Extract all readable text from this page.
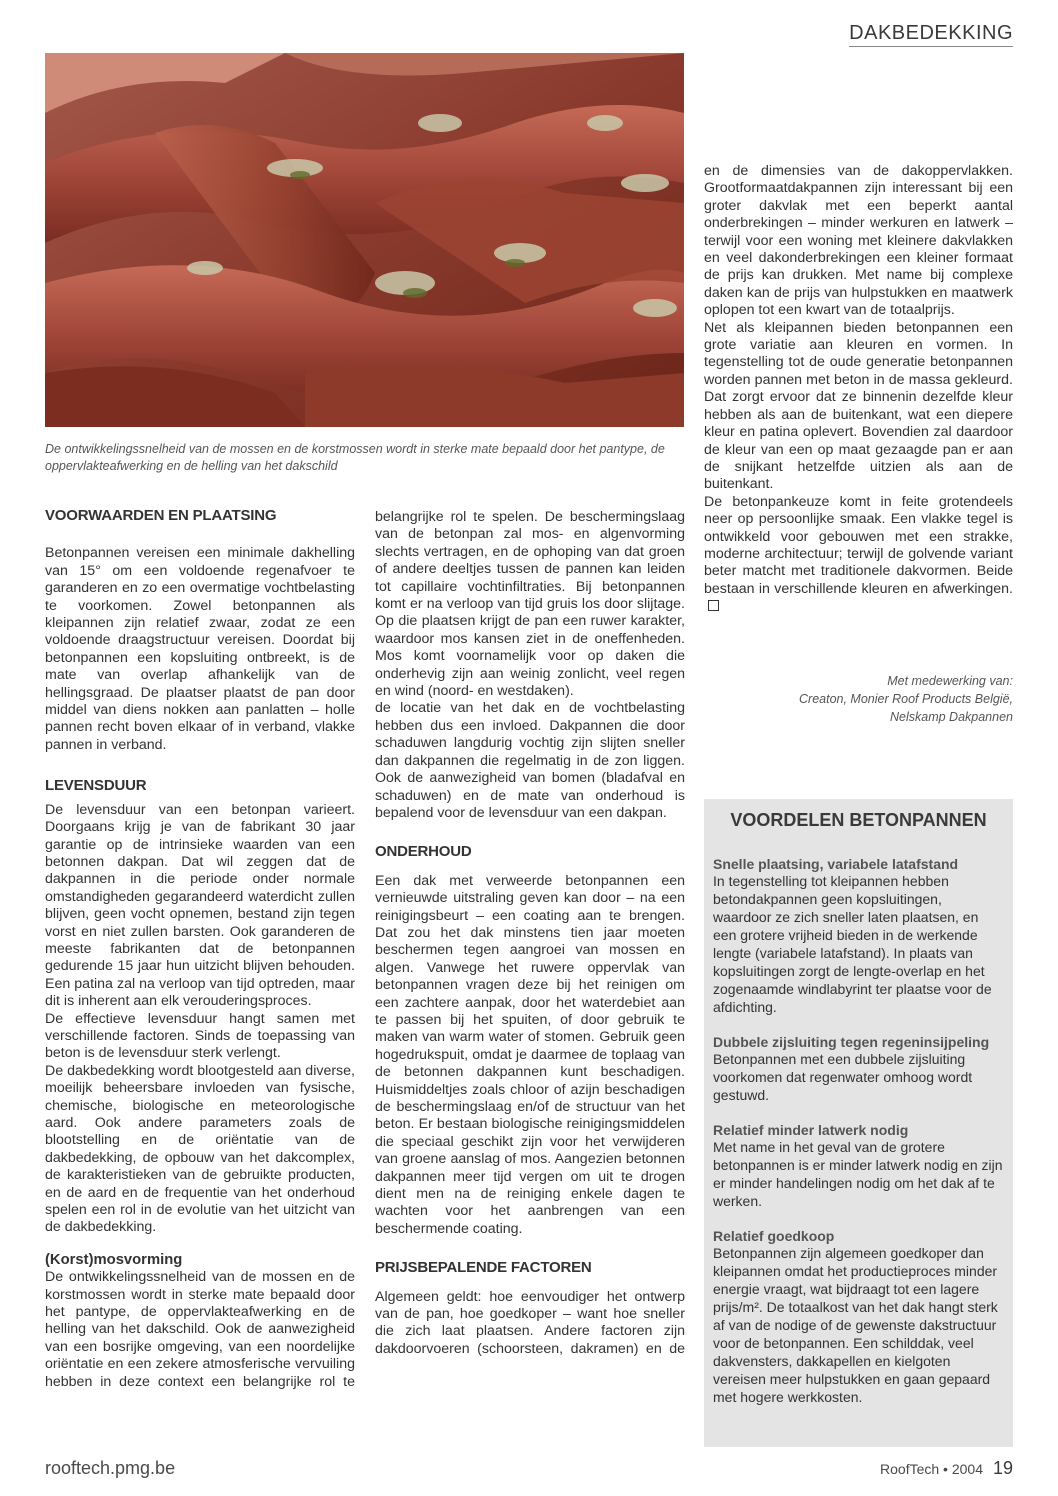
DAKBEDEKKING
De ontwikkelingssnelheid van de mossen en de korstmossen wordt in sterke mate bepaald door het pantype, de oppervlakteafwerking en de helling van het dakschild
VOORWAARDEN EN PLAATSING

Betonpannen vereisen een minimale dakhelling van 15° om een voldoende regenafvoer te garanderen en zo een overmatige vochtbelasting te voorkomen. Zowel betonpannen als kleipannen zijn relatief zwaar, zodat ze een voldoende draagstructuur vereisen. Doordat bij betonpannen een kopsluiting ontbreekt, is de mate van overlap afhankelijk van de hellingsgraad. De plaatser plaatst de pan door middel van diens nokken aan panlatten – holle pannen recht boven elkaar of in verband, vlakke pannen in verband.

LEVENSDUUR

De levensduur van een betonpan varieert. Doorgaans krijg je van de fabrikant 30 jaar garantie op de intrinsieke waarden van een betonnen dakpan. Dat wil zeggen dat de dakpannen in die periode onder normale omstandigheden gegarandeerd waterdicht zullen blijven, geen vocht opnemen, bestand zijn tegen vorst en niet zullen barsten. Ook garanderen de meeste fabrikanten dat de betonpannen gedurende 15 jaar hun uitzicht blijven behouden. Een patina zal na verloop van tijd optreden, maar dit is inherent aan elk verouderingsproces.

De effectieve levensduur hangt samen met verschillende factoren. Sinds de toepassing van beton is de levensduur sterk verlengt.

De dakbedekking wordt blootgesteld aan diverse, moeilijk beheersbare invloeden van fysische, chemische, biologische en meteorologische aard. Ook andere parameters zoals de blootstelling en de oriëntatie van de dakbedekking, de opbouw van het dakcomplex, de karakteristieken van de gebruikte producten, en de aard en de frequentie van het onderhoud spelen een rol in de evolutie van het uitzicht van de dakbedekking.

(Korst)mosvorming

De ontwikkelingssnelheid van de mossen en de korstmossen wordt in sterke mate bepaald door het pantype, de oppervlakteafwerking en de helling van het dakschild. Ook de aanwezigheid van een bosrijke omgeving, van een noordelijke oriëntatie en een zekere atmosferische vervuiling hebben in deze context een belangrijke rol te

belangrijke rol te spelen. De beschermingslaag van de betonpan zal mos- en algenvorming slechts vertragen, en de ophoping van dat groen of andere deeltjes tussen de pannen kan leiden tot capillaire vochtinfiltraties. Bij betonpannen komt er na verloop van tijd gruis los door slijtage. Op die plaatsen krijgt de pan een ruwer karakter, waardoor mos kansen ziet in de oneffenheden. Mos komt voornamelijk voor op daken die onderhevig zijn aan weinig zonlicht, veel regen en wind (noord- en westdaken).

de locatie van het dak en de vochtbelasting hebben dus een invloed. Dakpannen die door schaduwen langdurig vochtig zijn slijten sneller dan dakpannen die regelmatig in de zon liggen. Ook de aanwezigheid van bomen (bladafval en schaduwen) en de mate van onderhoud is bepalend voor de levensduur van een dakpan.

ONDERHOUD

Een dak met verweerde betonpannen een vernieuwde uitstraling geven kan door – na een reinigingsbeurt – een coating aan te brengen. Dat zou het dak minstens tien jaar moeten beschermen tegen aangroei van mossen en algen. Vanwege het ruwere oppervlak van betonpannen vragen deze bij het reinigen om een zachtere aanpak, door het waterdebiet aan te passen bij het spuiten, of door gebruik te maken van warm water of stomen. Gebruik geen hogedrukspuit, omdat je daarmee de toplaag van de betonnen dakpannen kunt beschadigen. Huismiddeltjes zoals chloor of azijn beschadigen de beschermingslaag en/of de structuur van het beton. Er bestaan biologische reinigingsmiddelen die speciaal geschikt zijn voor het verwijderen van groene aanslag of mos. Aangezien betonnen dakpannen meer tijd vergen om uit te drogen dient men na de reiniging enkele dagen te wachten voor het aanbrengen van een beschermende coating.

PRIJSBEPALENDE FACTOREN

Algemeen geldt: hoe eenvoudiger het ontwerp van de pan, hoe goedkoper – want hoe sneller die zich laat plaatsen. Andere factoren zijn dakdoorvoeren (schoorsteen, dakramen) en de

en de dimensies van de dakoppervlakken. Grootformaatdakpannen zijn interessant bij een groter dakvlak met een beperkt aantal onderbrekingen – minder werkuren en latwerk – terwijl voor een woning met kleinere dakvlakken en veel dakonderbrekingen een kleiner formaat de prijs kan drukken. Met name bij complexe daken kan de prijs van hulpstukken en maatwerk oplopen tot een kwart van de totaalprijs.

Net als kleipannen bieden betonpannen een grote variatie aan kleuren en vormen. In tegenstelling tot de oude generatie betonpannen worden pannen met beton in de massa gekleurd. Dat zorgt ervoor dat ze binnenin dezelfde kleur hebben als aan de buitenkant, wat een diepere kleur en patina oplevert. Bovendien zal daardoor de kleur van een op maat gezaagde pan er aan de snijkant hetzelfde uitzien als aan de buitenkant.

De betonpankeuze komt in feite grotendeels neer op persoonlijke smaak. Een vlakke tegel is ontwikkeld voor gebouwen met een strakke, moderne architectuur; terwijl de golvende variant beter matcht met traditionele dakvormen. Beide bestaan in verschillende kleuren en afwerkingen.

Met medewerking van:
Creaton, Monier Roof Products België,
Nelskamp Dakpannen
VOORDELEN BETONPANNEN
Snelle plaatsing, variabele latafstand

In tegenstelling tot kleipannen hebben betondakpannen geen kopsluitingen, waardoor ze zich sneller laten plaatsen, en een grotere vrijheid bieden in de werkende lengte (variabele latafstand). In plaats van kopsluitingen zorgt de lengte-overlap en het zogenaamde windlabyrint ter plaatse voor de afdichting.

Dubbele zijsluiting tegen regeninsijpeling

Betonpannen met een dubbele zijsluiting voorkomen dat regenwater omhoog wordt gestuwd.

Relatief minder latwerk nodig

Met name in het geval van de grotere betonpannen is er minder latwerk nodig en zijn er minder handelingen nodig om het dak af te werken.

Relatief goedkoop

Betonpannen zijn algemeen goedkoper dan kleipannen omdat het productieproces minder energie vraagt, wat bijdraagt tot een lagere prijs/m². De totaalkost van het dak hangt sterk af van de nodige of de gewenste dakstructuur voor de betonpannen. Een schilddak, veel dakvensters, dakkapellen en kielgoten vereisen meer hulpstukken en gaan gepaard met hogere werkkosten.

rooftech.pmg.be	RoofTech • 2004 19
